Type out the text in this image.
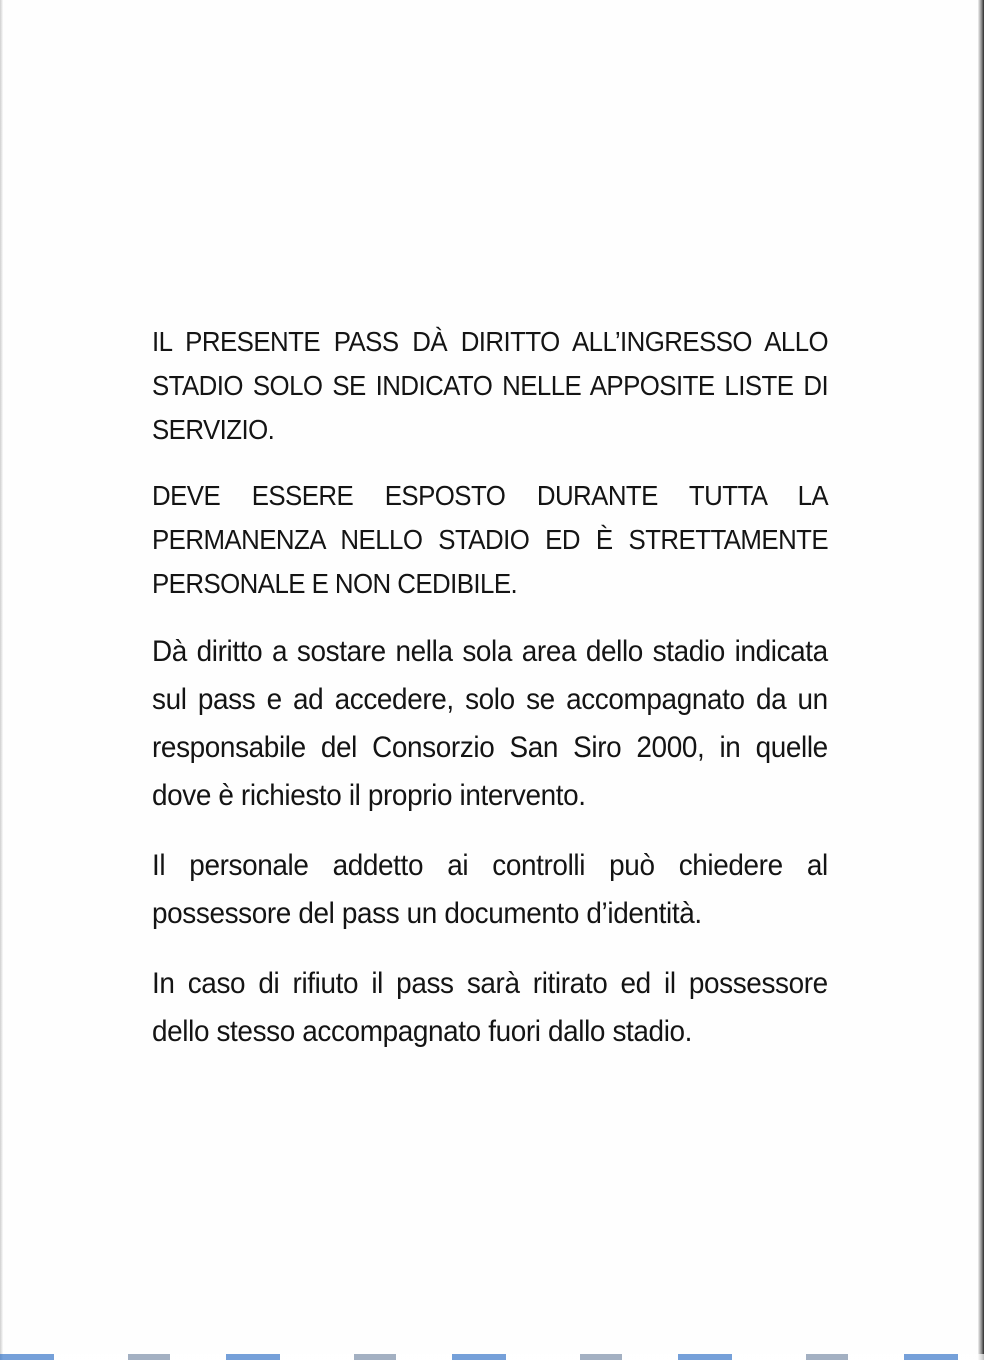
IL PRESENTE PASS DÀ DIRITTO ALL’INGRESSO ALLO STADIO SOLO SE INDICATO NELLE APPOSITE LISTE DI SERVIZIO.

DEVE ESSERE ESPOSTO DURANTE TUTTA LA PERMANENZA NELLO STADIO ED È STRETTAMENTE PERSONALE E NON CEDIBILE.

Dà diritto a sostare nella sola area dello stadio indicata sul pass e ad accedere, solo se accompagnato da un responsabile del Consorzio San Siro 2000, in quelle dove è richiesto il proprio intervento.

Il personale addetto ai controlli può chiedere al possessore del pass un documento d’identità.

In caso di rifiuto il pass sarà ritirato ed il possessore dello stesso accompagnato fuori dallo stadio.
